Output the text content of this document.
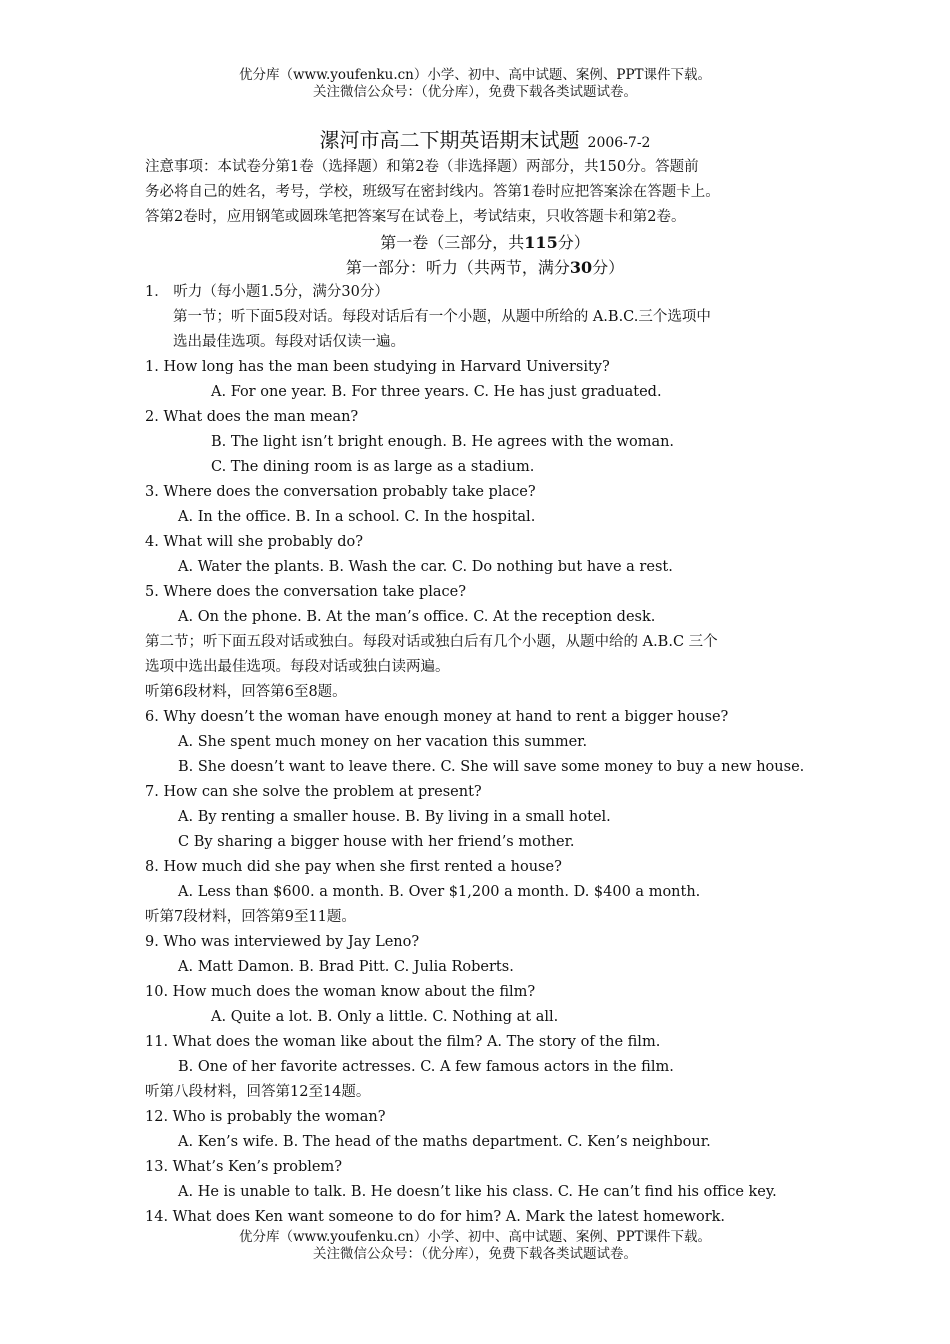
优分库（www.youfenku.cn）小学、初中、高中试题、案例、PPT课件下载。
关注微信公众号：（优分库），免费下载各类试题试卷。
漯河市高二下期英语期末试题 2006-7-2
注意事项：本试卷分第1卷（选择题）和第2卷（非选择题）两部分，共150分。答题前
务必将自己的姓名，考号，学校，班级写在密封线内。答第1卷时应把答案涂在答题卡上。
答第2卷时，应用钢笔或圆珠笔把答案写在试卷上，考试结束，只收答题卡和第2卷。
第一卷（三部分，共115分）
第一部分：听力（共两节，满分30分）
1． 听力（每小题1.5分，满分30分）
第一节；听下面5段对话。每段对话后有一个小题，从题中所给的 A.B.C.三个选项中
选出最佳选项。每段对话仅读一遍。
1. How long has the man been studying in Harvard University?
A. For one year. B. For three years. C. He has just graduated.
2. What does the man mean?
B. The light isn’t bright enough. B. He agrees with the woman.
C. The dining room is as large as a stadium.
3. Where does the conversation probably take place?
A. In the office. B. In a school. C. In the hospital.
4. What will she probably do?
A. Water the plants. B. Wash the car. C. Do nothing but have a rest.
5. Where does the conversation take place?
A. On the phone. B. At the man’s office. C. At the reception desk.
第二节；听下面五段对话或独白。每段对话或独白后有几个小题，从题中给的 A.B.C 三个
选项中选出最佳选项。每段对话或独白读两遍。
听第6段材料，回答第6至8题。
6. Why doesn’t the woman have enough money at hand to rent a bigger house?
A. She spent much money on her vacation this summer.
B. She doesn’t want to leave there. C. She will save some money to buy a new house.
7. How can she solve the problem at present?
A. By renting a smaller house. B. By living in a small hotel.
C By sharing a bigger house with her friend’s mother.
8. How much did she pay when she first rented a house?
A. Less than $600. a month. B. Over $1,200 a month. D. $400 a month.
听第7段材料，回答第9至11题。
9. Who was interviewed by Jay Leno?
A. Matt Damon. B. Brad Pitt. C. Julia Roberts.
10. How much does the woman know about the film?
A. Quite a lot. B. Only a little. C. Nothing at all.
11. What does the woman like about the film? A. The story of the film.
B. One of her favorite actresses. C. A few famous actors in the film.
听第八段材料，回答第12至14题。
12. Who is probably the woman?
A. Ken’s wife. B. The head of the maths department. C. Ken’s neighbour.
13. What’s Ken’s problem?
A. He is unable to talk. B. He doesn’t like his class. C. He can’t find his office key.
14. What does Ken want someone to do for him? A. Mark the latest homework.
优分库（www.youfenku.cn）小学、初中、高中试题、案例、PPT课件下载。
关注微信公众号：（优分库），免费下载各类试题试卷。
